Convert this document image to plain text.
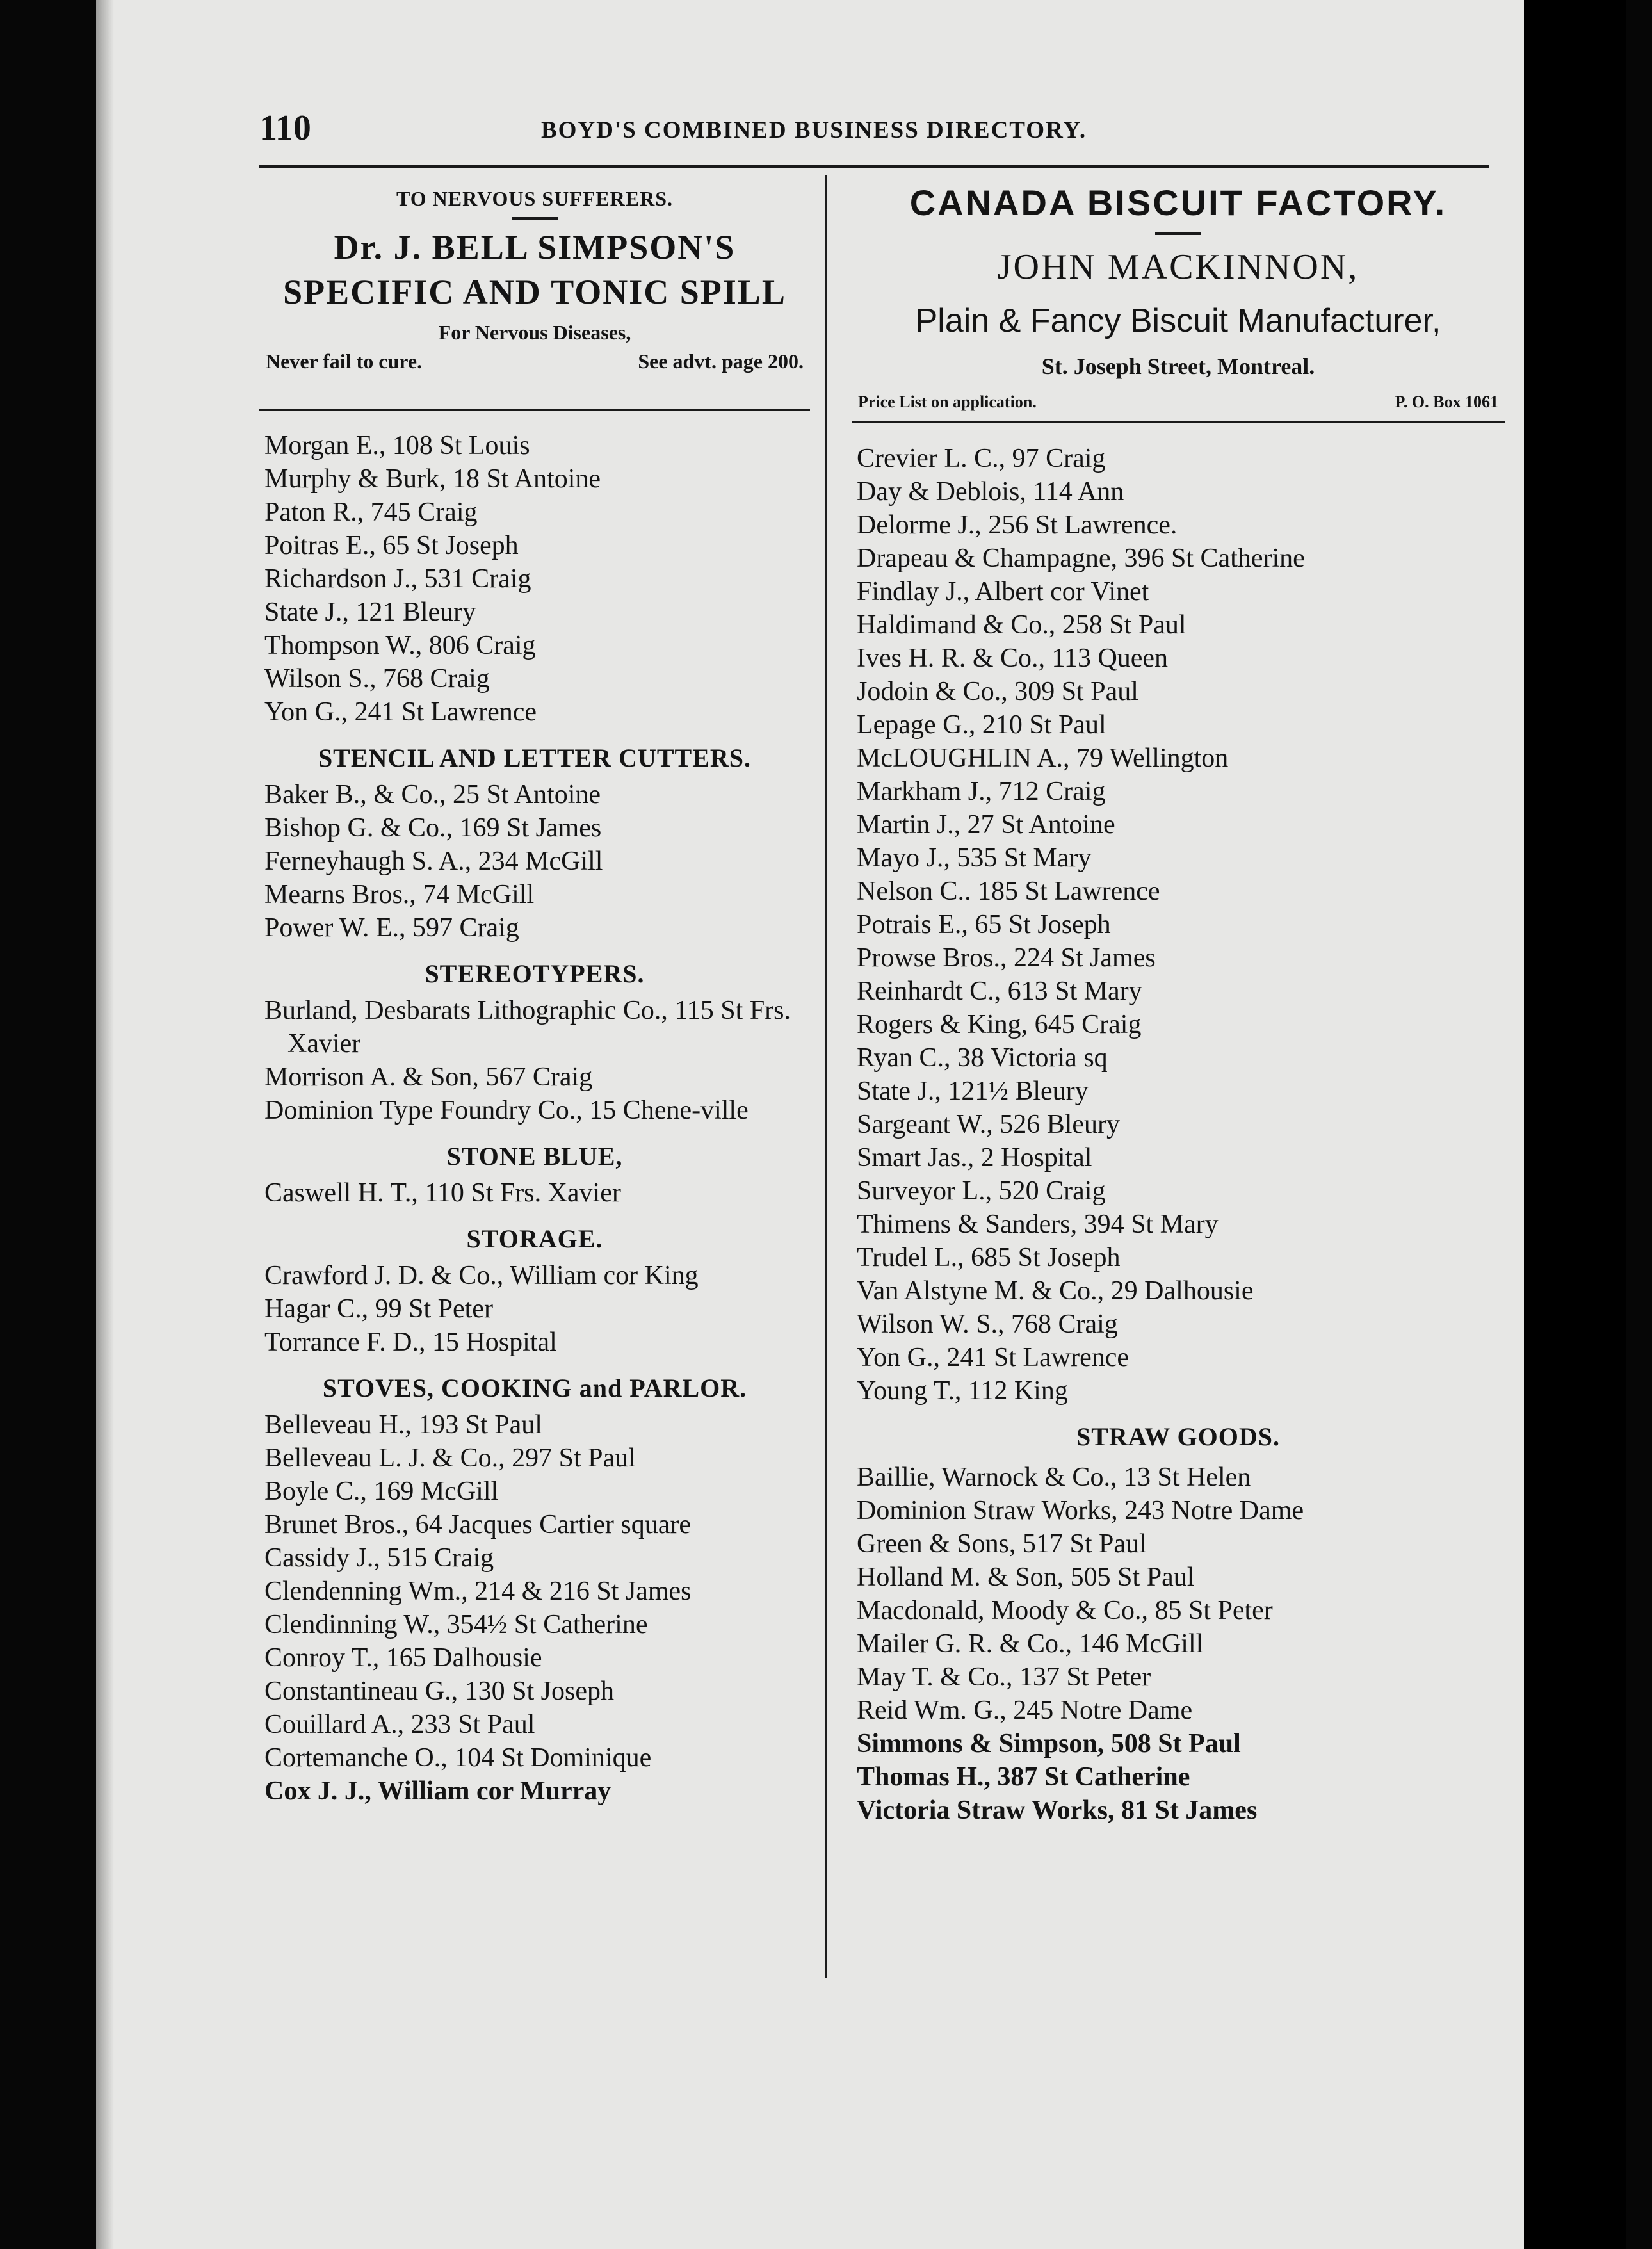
110	BOYD'S COMBINED BUSINESS DIRECTORY.
TO NERVOUS SUFFERERS.
Dr. J. BELL SIMPSON'S
SPECIFIC AND TONIC SPILL
For Nervous Diseases,
Never fail to cure.	See advt. page 200.
Morgan E., 108 St Louis
Murphy & Burk, 18 St Antoine
Paton R., 745 Craig
Poitras E., 65 St Joseph
Richardson J., 531 Craig
State J., 121 Bleury
Thompson W., 806 Craig
Wilson S., 768 Craig
Yon G., 241 St Lawrence
STENCIL AND LETTER CUTTERS.
Baker B., & Co., 25 St Antoine
Bishop G. & Co., 169 St James
Ferneyhaugh S. A., 234 McGill
Mearns Bros., 74 McGill
Power W. E., 597 Craig
STEREOTYPERS.
Burland, Desbarats Lithographic Co., 115 St Frs. Xavier
Morrison A. & Son, 567 Craig
Dominion Type Foundry Co., 15 Chene-ville
STONE BLUE,
Caswell H. T., 110 St Frs. Xavier
STORAGE.
Crawford J. D. & Co., William cor King
Hagar C., 99 St Peter
Torrance F. D., 15 Hospital
STOVES, COOKING and PARLOR.
Belleveau H., 193 St Paul
Belleveau L. J. & Co., 297 St Paul
Boyle C., 169 McGill
Brunet Bros., 64 Jacques Cartier square
Cassidy J., 515 Craig
Clendenning Wm., 214 & 216 St James
Clendinning W., 354½ St Catherine
Conroy T., 165 Dalhousie
Constantineau G., 130 St Joseph
Couillard A., 233 St Paul
Cortemanche O., 104 St Dominique
Cox J. J., William cor Murray
CANADA BISCUIT FACTORY.
JOHN MACKINNON,
Plain & Fancy Biscuit Manufacturer,
St. Joseph Street, Montreal.
Price List on application.	P. O. Box 1061
Crevier L. C., 97 Craig
Day & Deblois, 114 Ann
Delorme J., 256 St Lawrence.
Drapeau & Champagne, 396 St Catherine
Findlay J., Albert cor Vinet
Haldimand & Co., 258 St Paul
Ives H. R. & Co., 113 Queen
Jodoin & Co., 309 St Paul
Lepage G., 210 St Paul
McLOUGHLIN A., 79 Wellington
Markham J., 712 Craig
Martin J., 27 St Antoine
Mayo J., 535 St Mary
Nelson C.. 185 St Lawrence
Potrais E., 65 St Joseph
Prowse Bros., 224 St James
Reinhardt C., 613 St Mary
Rogers & King, 645 Craig
Ryan C., 38 Victoria sq
State J., 121½ Bleury
Sargeant W., 526 Bleury
Smart Jas., 2 Hospital
Surveyor L., 520 Craig
Thimens & Sanders, 394 St Mary
Trudel L., 685 St Joseph
Van Alstyne M. & Co., 29 Dalhousie
Wilson W. S., 768 Craig
Yon G., 241 St Lawrence
Young T., 112 King
STRAW GOODS.
Baillie, Warnock & Co., 13 St Helen
Dominion Straw Works, 243 Notre Dame
Green & Sons, 517 St Paul
Holland M. & Son, 505 St Paul
Macdonald, Moody & Co., 85 St Peter
Mailer G. R. & Co., 146 McGill
May T. & Co., 137 St Peter
Reid Wm. G., 245 Notre Dame
Simmons & Simpson, 508 St Paul
Thomas H., 387 St Catherine
Victoria Straw Works, 81 St James
